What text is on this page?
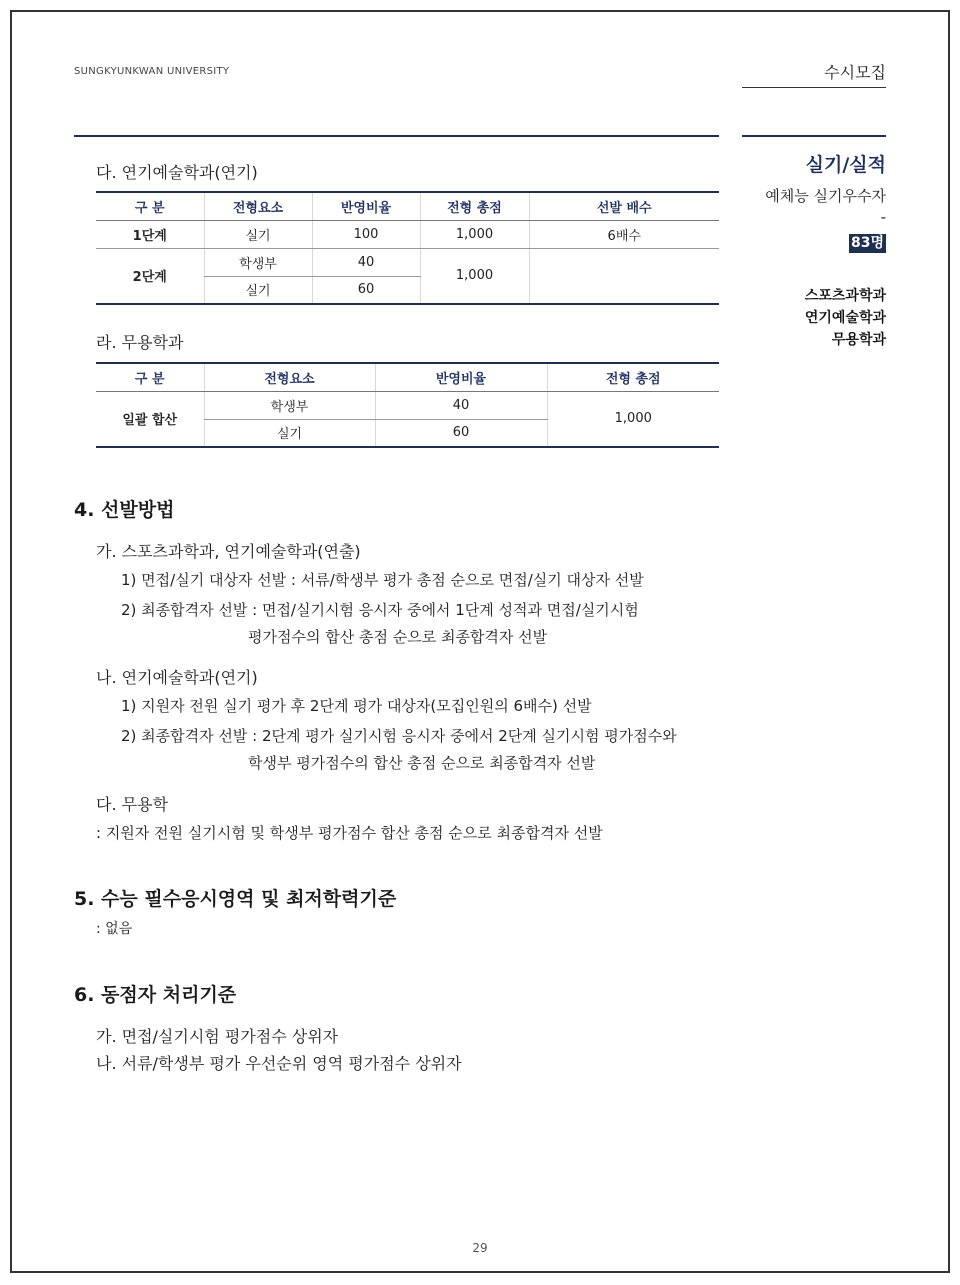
SUNGKYUNKWAN UNIVERSITY	수시모집
실기/실적
예체능 실기우수자
-
83명
스포츠과학과
연기예술학과
무용학과
다. 연기예술학과(연기)
구 분	전형요소	반영비율	전형 총점	선발 배수
1단계	실기	100	1,000	6배수
2단계	학생부	40	1,000	
	실기	60		
라. 무용학과
구 분	전형요소	반영비율	전형 총점
일괄 합산	학생부	40	1,000
	실기	60	
4. 선발방법
가. 스포츠과학과, 연기예술학과(연출)
1) 면접/실기 대상자 선발 : 서류/학생부 평가 총점 순으로 면접/실기 대상자 선발
2) 최종합격자 선발 : 면접/실기시험 응시자 중에서 1단계 성적과 면접/실기시험
평가점수의 합산 총점 순으로 최종합격자 선발
나. 연기예술학과(연기)
1) 지원자 전원 실기 평가 후 2단계 평가 대상자(모집인원의 6배수) 선발
2) 최종합격자 선발 : 2단계 평가 실기시험 응시자 중에서 2단계 실기시험 평가점수와
학생부 평가점수의 합산 총점 순으로 최종합격자 선발
다. 무용학
: 지원자 전원 실기시험 및 학생부 평가점수 합산 총점 순으로 최종합격자 선발
5. 수능 필수응시영역 및 최저학력기준
: 없음
6. 동점자 처리기준
가. 면접/실기시험 평가점수 상위자
나. 서류/학생부 평가 우선순위 영역 평가점수 상위자
29
